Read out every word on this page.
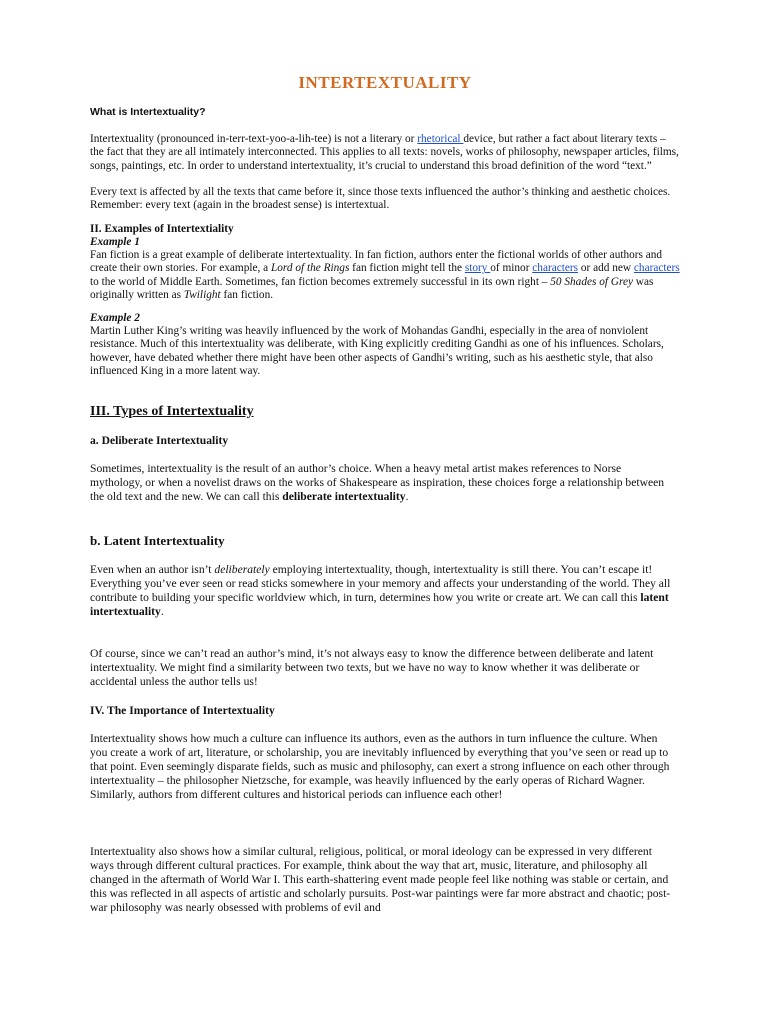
INTERTEXTUALITY
What is Intertextuality?

Intertextuality (pronounced in-terr-text-yoo-a-lih-tee) is not a literary or rhetorical device, but rather a fact about literary texts – the fact that they are all intimately interconnected. This applies to all texts: novels, works of philosophy, newspaper articles, films, songs, paintings, etc. In order to understand intertextuality, it’s crucial to understand this broad definition of the word “text.”

Every text is affected by all the texts that came before it, since those texts influenced the author’s thinking and aesthetic choices. Remember: every text (again in the broadest sense) is intertextual.

II. Examples of Intertextiality
Example 1

Fan fiction is a great example of deliberate intertextuality. In fan fiction, authors enter the fictional worlds of other authors and create their own stories. For example, a Lord of the Rings fan fiction might tell the story of minor characters or add new characters to the world of Middle Earth. Sometimes, fan fiction becomes extremely successful in its own right – 50 Shades of Grey was originally written as Twilight fan fiction.

Example 2

Martin Luther King’s writing was heavily influenced by the work of Mohandas Gandhi, especially in the area of nonviolent resistance. Much of this intertextuality was deliberate, with King explicitly crediting Gandhi as one of his influences. Scholars, however, have debated whether there might have been other aspects of Gandhi’s writing, such as his aesthetic style, that also influenced King in a more latent way.

III. Types of Intertextuality
a. Deliberate Intertextuality

Sometimes, intertextuality is the result of an author’s choice. When a heavy metal artist makes references to Norse mythology, or when a novelist draws on the works of Shakespeare as inspiration, these choices forge a relationship between the old text and the new. We can call this deliberate intertextuality.

b. Latent Intertextuality

Even when an author isn’t deliberately employing intertextuality, though, intertextuality is still there. You can’t escape it! Everything you’ve ever seen or read sticks somewhere in your memory and affects your understanding of the world. They all contribute to building your specific worldview which, in turn, determines how you write or create art. We can call this latent intertextuality.

Of course, since we can’t read an author’s mind, it’s not always easy to know the difference between deliberate and latent intertextuality. We might find a similarity between two texts, but we have no way to know whether it was deliberate or accidental unless the author tells us!

IV. The Importance of Intertextuality

Intertextuality shows how much a culture can influence its authors, even as the authors in turn influence the culture. When you create a work of art, literature, or scholarship, you are inevitably influenced by everything that you’ve seen or read up to that point. Even seemingly disparate fields, such as music and philosophy, can exert a strong influence on each other through intertextuality – the philosopher Nietzsche, for example, was heavily influenced by the early operas of Richard Wagner. Similarly, authors from different cultures and historical periods can influence each other!

Intertextuality also shows how a similar cultural, religious, political, or moral ideology can be expressed in very different ways through different cultural practices. For example, think about the way that art, music, literature, and philosophy all changed in the aftermath of World War I. This earth-shattering event made people feel like nothing was stable or certain, and this was reflected in all aspects of artistic and scholarly pursuits. Post-war paintings were far more abstract and chaotic; post-war philosophy was nearly obsessed with problems of evil and
